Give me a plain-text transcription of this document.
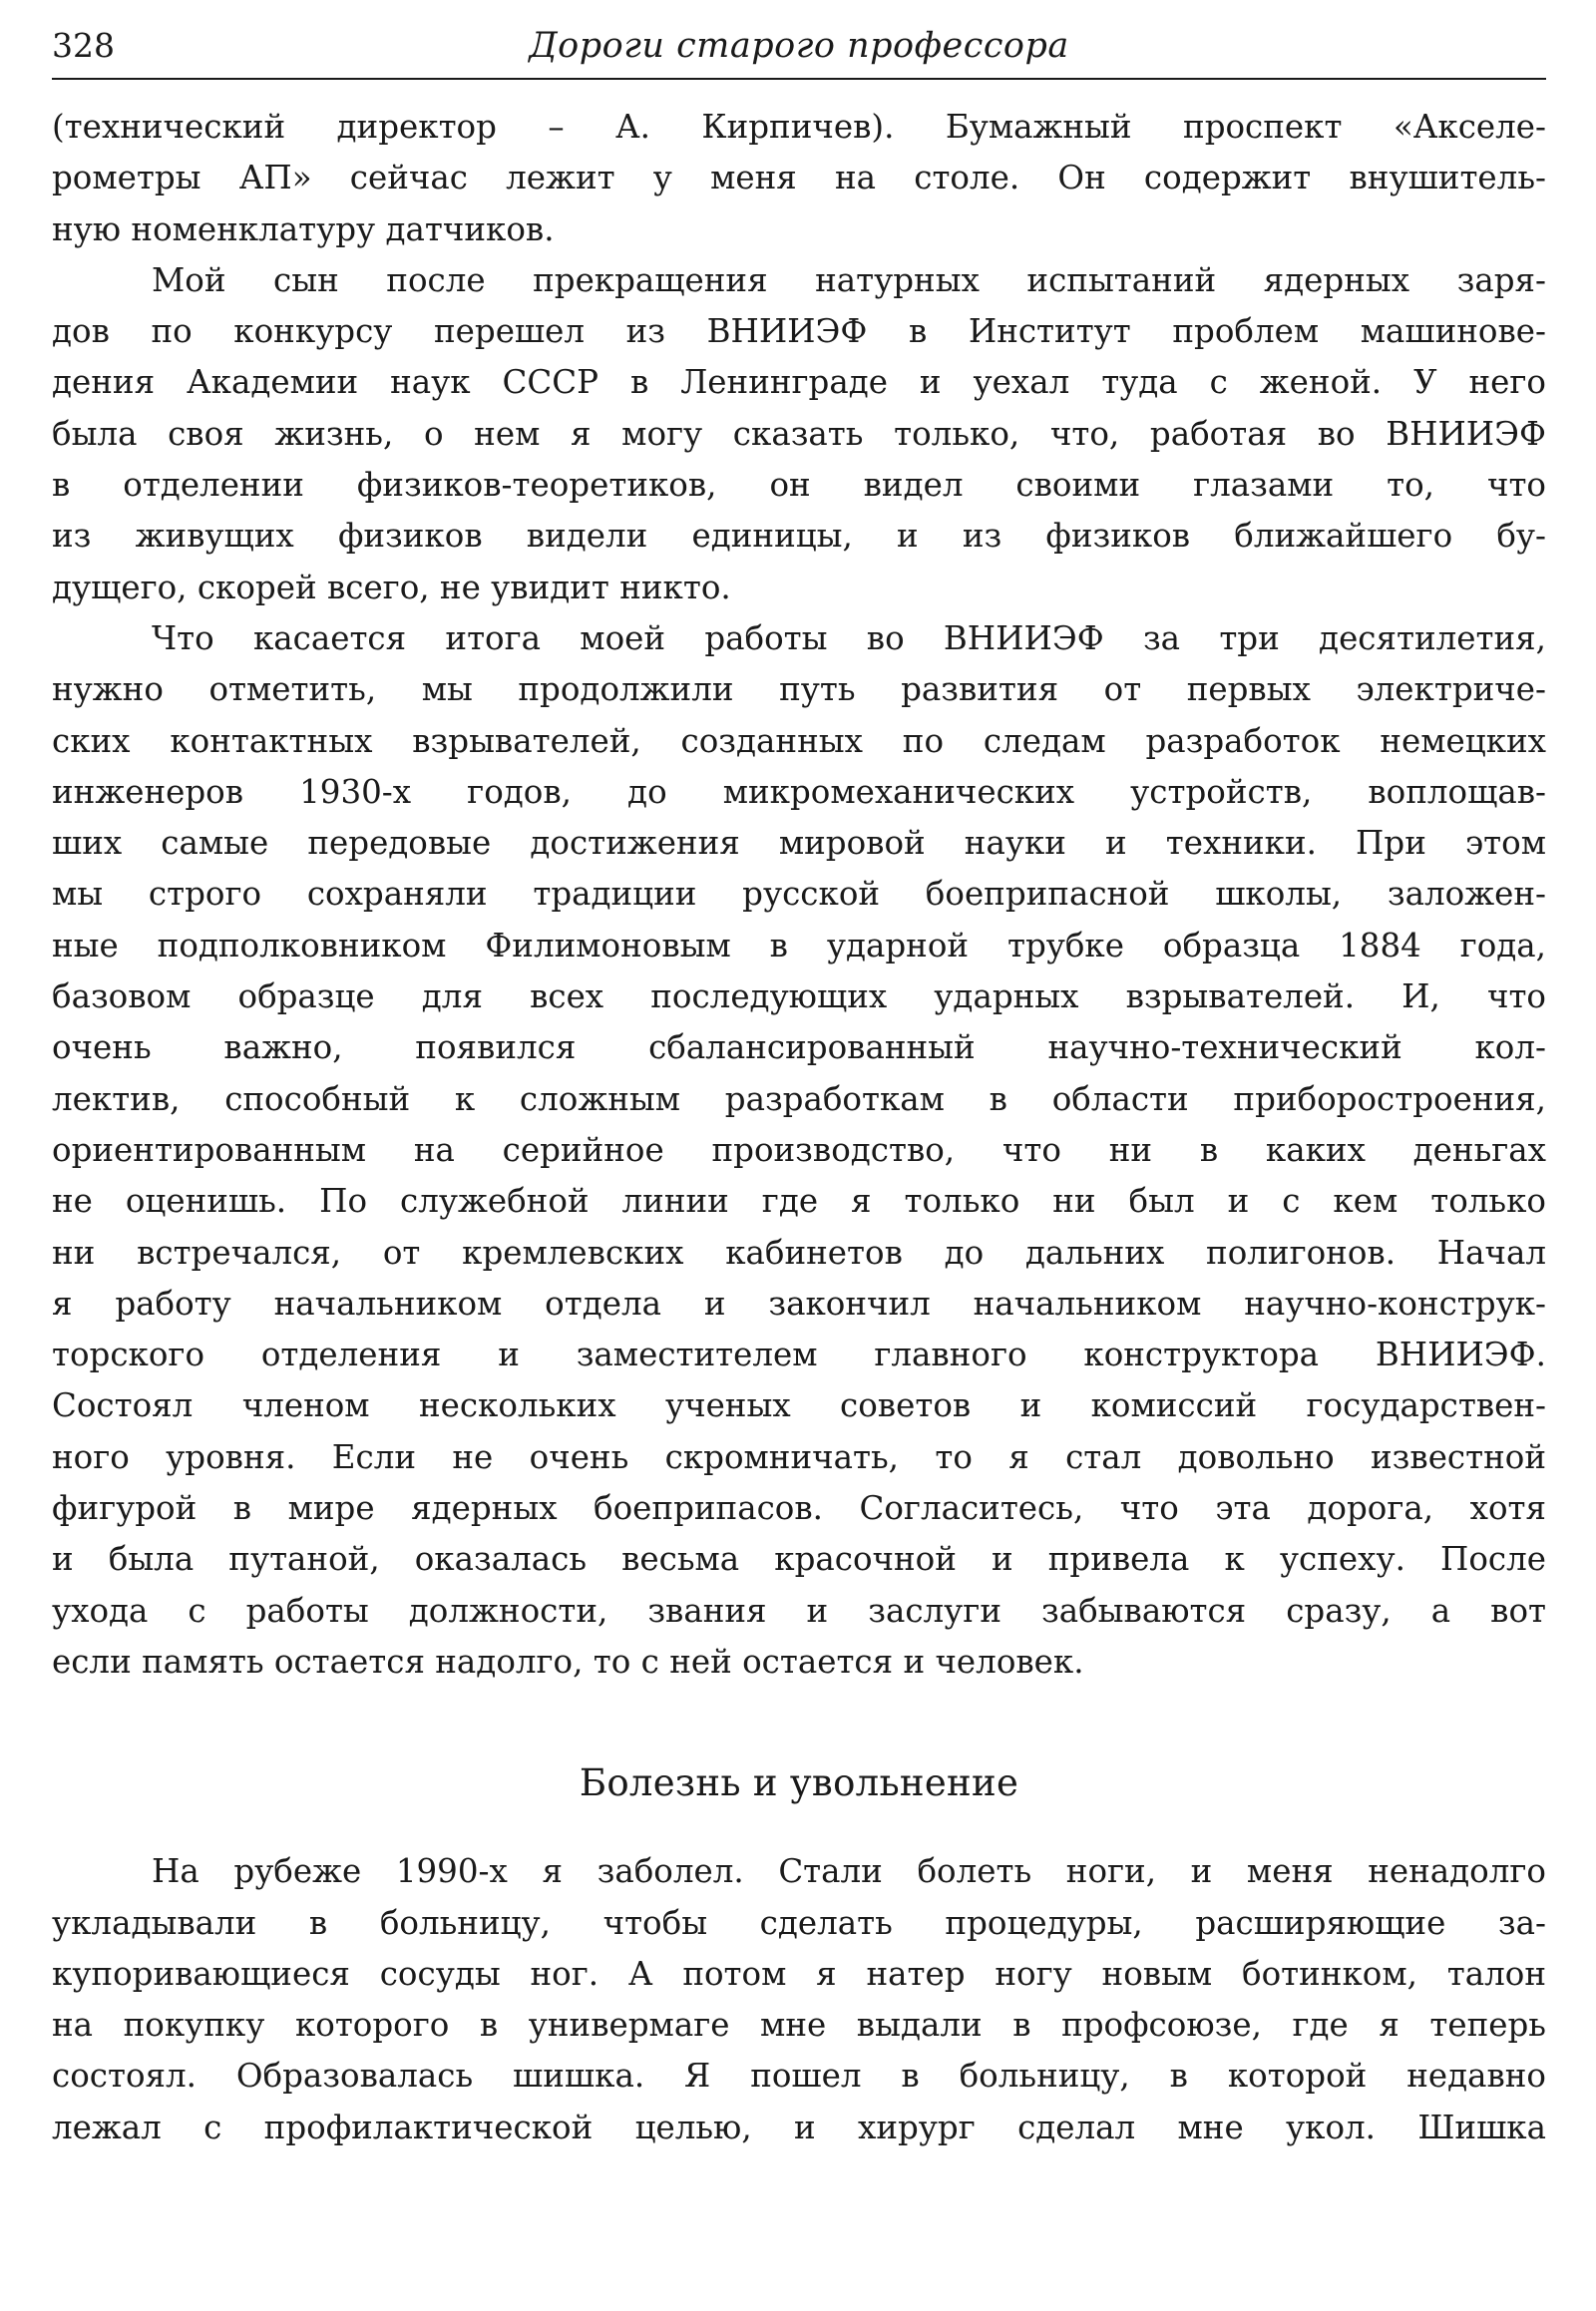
328	Дороги старого профессора

(технический директор – А. Кирпичев). Бумажный проспект «Акселе-

рометры АП» сейчас лежит у меня на столе. Он содержит внушитель-

ную номенклатуру датчиков.

Мой сын после прекращения натурных испытаний ядерных заря-

дов по конкурсу перешел из ВНИИЭФ в Институт проблем машинове-

дения Академии наук СССР в Ленинграде и уехал туда с женой. У него

была своя жизнь, о нем я могу сказать только, что, работая во ВНИИЭФ

в отделении физиков-теоретиков, он видел своими глазами то, что

из живущих физиков видели единицы, и из физиков ближайшего бу-

дущего, скорей всего, не увидит никто.

Что касается итога моей работы во ВНИИЭФ за три десятилетия,

нужно отметить, мы продолжили путь развития от первых электриче-

ских контактных взрывателей, созданных по следам разработок немецких

инженеров 1930-х годов, до микромеханических устройств, воплощав-

ших самые передовые достижения мировой науки и техники. При этом

мы строго сохраняли традиции русской боеприпасной школы, заложен-

ные подполковником Филимоновым в ударной трубке образца 1884 года,

базовом образце для всех последующих ударных взрывателей. И, что

очень важно, появился сбалансированный научно-технический кол-

лектив, способный к сложным разработкам в области приборостроения,

ориентированным на серийное производство, что ни в каких деньгах

не оценишь. По служебной линии где я только ни был и с кем только

ни встречался, от кремлевских кабинетов до дальних полигонов. Начал

я работу начальником отдела и закончил начальником научно-конструк-

торского отделения и заместителем главного конструктора ВНИИЭФ.

Состоял членом нескольких ученых советов и комиссий государствен-

ного уровня. Если не очень скромничать, то я стал довольно известной

фигурой в мире ядерных боеприпасов. Согласитесь, что эта дорога, хотя

и была путаной, оказалась весьма красочной и привела к успеху. После

ухода с работы должности, звания и заслуги забываются сразу, а вот

если память остается надолго, то с ней остается и человек.

Болезнь и увольнение

На рубеже 1990-х я заболел. Стали болеть ноги, и меня ненадолго

укладывали в больницу, чтобы сделать процедуры, расширяющие за-

купоривающиеся сосуды ног. А потом я натер ногу новым ботинком, талон

на покупку которого в универмаге мне выдали в профсоюзе, где я теперь

состоял. Образовалась шишка. Я пошел в больницу, в которой недавно

лежал с профилактической целью, и хирург сделал мне укол. Шишка
